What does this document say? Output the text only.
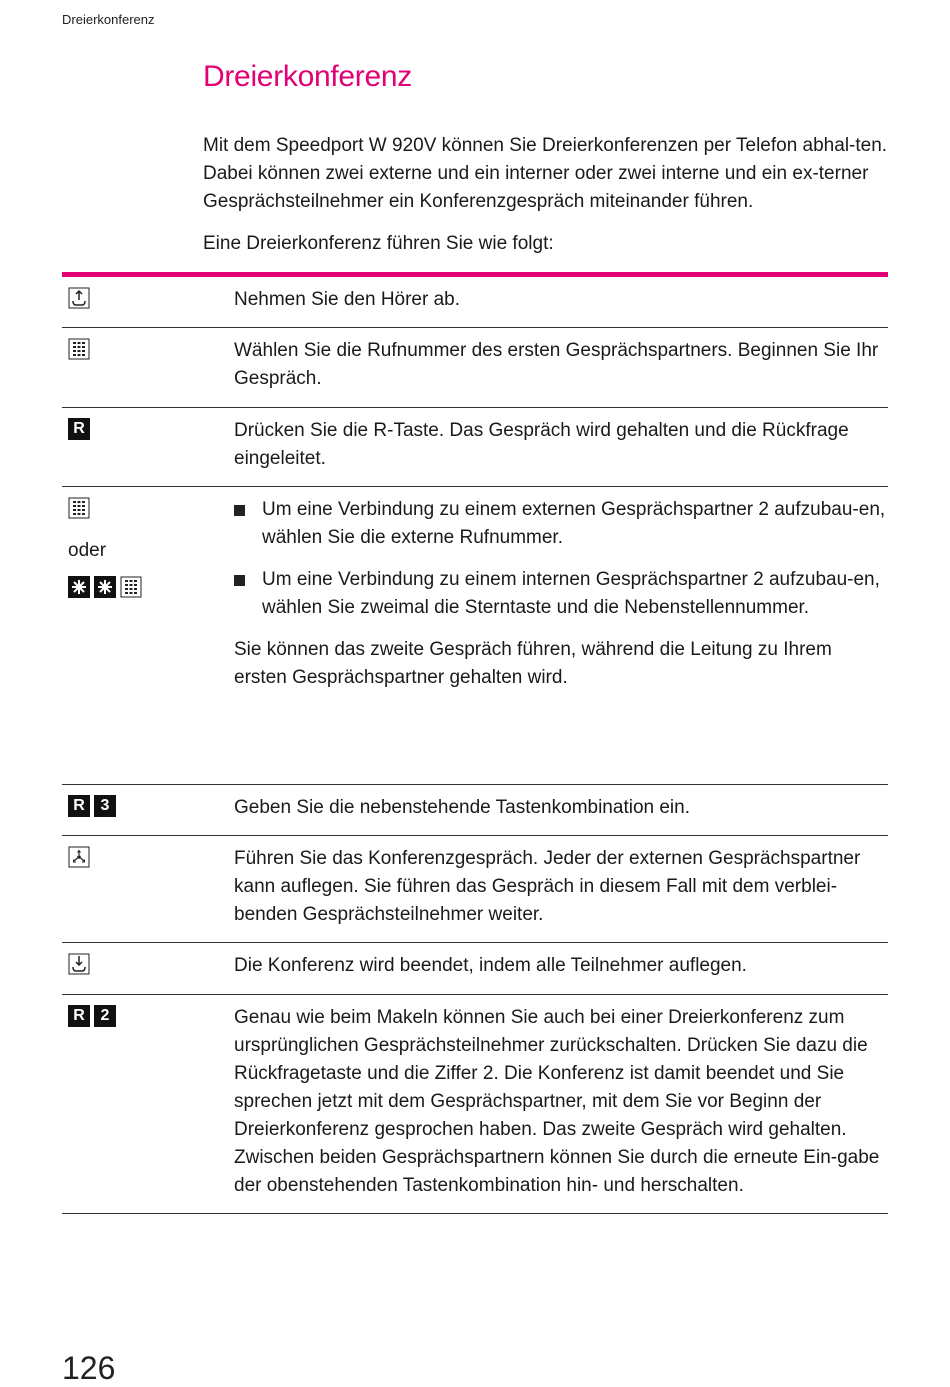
Dreierkonferenz
Dreierkonferenz

Mit dem Speedport W 920V können Sie Dreierkonferenzen per Telefon abhal-ten. Dabei können zwei externe und ein interner oder zwei interne und ein ex-terner Gesprächsteilnehmer ein Konferenzgespräch miteinander führen.

Eine Dreierkonferenz führen Sie wie folgt:

Nehmen Sie den Hörer ab.
Wählen Sie die Rufnummer des ersten Gesprächspartners. Beginnen Sie Ihr Gespräch.
R	Drücken Sie die R-Taste. Das Gespräch wird gehalten und die Rückfrage eingeleitet.
oder

Um eine Verbindung zu einem externen Gesprächspartner 2 aufzubau-en, wählen Sie die externe Rufnummer.

Um eine Verbindung zu einem internen Gesprächspartner 2 aufzubau-en, wählen Sie zweimal die Sterntaste und die Nebenstellennummer.

Sie können das zweite Gespräch führen, während die Leitung zu Ihrem ersten Gesprächspartner gehalten wird.

R 3	Geben Sie die nebenstehende Tastenkombination ein.
Führen Sie das Konferenzgespräch. Jeder der externen Gesprächspartner kann auflegen. Sie führen das Gespräch in diesem Fall mit dem verblei-benden Gesprächsteilnehmer weiter.
Die Konferenz wird beendet, indem alle Teilnehmer auflegen.
R 2	Genau wie beim Makeln können Sie auch bei einer Dreierkonferenz zum ursprünglichen Gesprächsteilnehmer zurückschalten. Drücken Sie dazu die Rückfragetaste und die Ziffer 2. Die Konferenz ist damit beendet und Sie sprechen jetzt mit dem Gesprächspartner, mit dem Sie vor Beginn der Dreierkonferenz gesprochen haben. Das zweite Gespräch wird gehalten. Zwischen beiden Gesprächspartnern können Sie durch die erneute Ein-gabe der obenstehenden Tastenkombination hin- und herschalten.
126
